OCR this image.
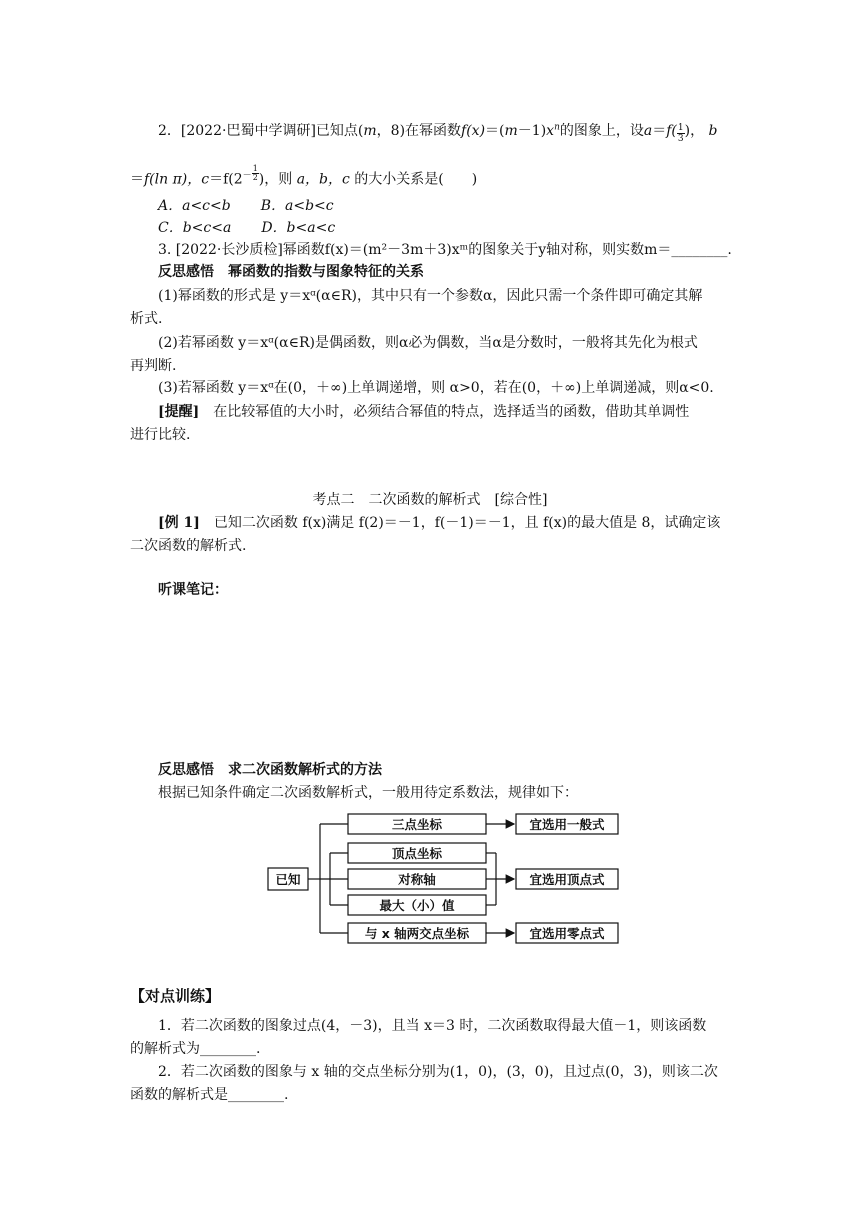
2．[2022·巴蜀中学调研]已知点(m，8)在幂函数$f(x)=(m-1)x^n$的图象上，设$a=f( \frac{1}{3}$ )， b
＝f(ln π)，$c=f(2^{- \frac{1}{2}}$ )，则 a，b，c 的大小关系是(　　)
A．a<c<b B．a<b<c
C．b<c<a D．b<a<c
3. [2022·长沙质检]幂函数f(x)＝(m²－3m＋3)xᵐ的图象关于y轴对称，则实数m＝________.
反思感悟　幂函数的指数与图象特征的关系
(1)幂函数的形式是 y＝xᵅ(α∈R)，其中只有一个参数α，因此只需一个条件即可确定其解
析式.
(2)若幂函数 y＝xᵅ(α∈R)是偶函数，则α必为偶数，当α是分数时，一般将其先化为根式
再判断.
(3)若幂函数 y＝xᵅ在(0，＋∞)上单调递增，则 α>0，若在(0，＋∞)上单调递减，则α<0.
[提醒]　在比较幂值的大小时，必须结合幂值的特点，选择适当的函数，借助其单调性
进行比较.
考点二　二次函数的解析式　[综合性]
[例 1]　已知二次函数 f(x)满足 f(2)＝－1，f(－1)＝－1，且 f(x)的最大值是 8，试确定该
二次函数的解析式.
听课笔记：
反思感悟　求二次函数解析式的方法
根据已知条件确定二次函数解析式，一般用待定系数法，规律如下：
已知
三点坐标
顶点坐标
对称轴
最大（小）值
与 x 轴两交点坐标
宜选用一般式
宜选用顶点式
宜选用零点式
【对点训练】
1．若二次函数的图象过点(4，－3)，且当 x＝3 时，二次函数取得最大值－1，则该函数
的解析式为________.
2．若二次函数的图象与 x 轴的交点坐标分别为(1，0)，(3，0)，且过点(0，3)，则该二次
函数的解析式是________.
